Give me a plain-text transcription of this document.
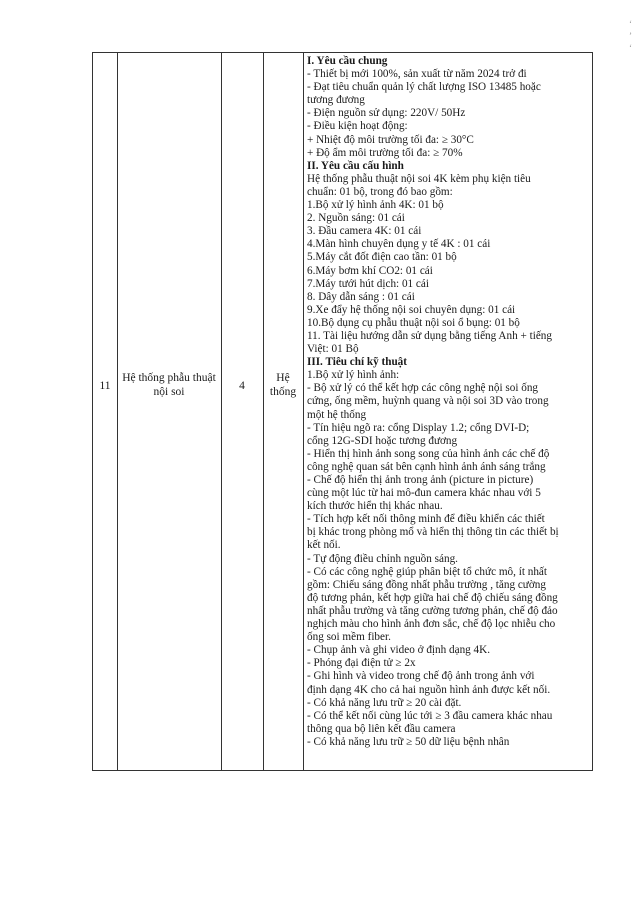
ʻ
ʼ
ʻ
11
Hệ thống phẫu thuật nội soi	4
Hệ thống
I. Yêu cầu chung
- Thiết bị mới 100%, sản xuất từ năm 2024 trở đi
- Đạt tiêu chuẩn quản lý chất lượng ISO 13485 hoặc
tương đương
- Điện nguồn sử dụng: 220V/ 50Hz
- Điều kiện hoạt động:
+ Nhiệt độ môi trường tối đa: ≥ 30°C
+ Độ ẩm môi trường tối đa: ≥ 70%
II. Yêu cầu cấu hình
Hệ thống phẫu thuật nội soi 4K kèm phụ kiện tiêu
chuẩn: 01 bộ, trong đó bao gồm:
1.Bộ xử lý hình ảnh 4K: 01 bộ
2. Nguồn sáng: 01 cái
3. Đầu camera 4K: 01 cái
4.Màn hình chuyên dụng y tế 4K : 01 cái
5.Máy cắt đốt điện cao tần: 01 bộ
6.Máy bơm khí CO2: 01 cái
7.Máy tưới hút dịch: 01 cái
8. Dây dẫn sáng : 01 cái
9.Xe đẩy hệ thống nội soi chuyên dụng: 01 cái
10.Bộ dụng cụ phẫu thuật nội soi ổ bụng: 01 bộ
11. Tài liệu hướng dẫn sử dụng bằng tiếng Anh + tiếng
Việt: 01 Bộ
III. Tiêu chí kỹ thuật
1.Bộ xử lý hình ảnh:
- Bộ xử lý có thể kết hợp các công nghệ nội soi ống
cứng, ống mềm, huỳnh quang và nội soi 3D vào trong
một hệ thống
- Tín hiệu ngõ ra: cổng Display 1.2; cổng DVI-D;
cổng 12G-SDI hoặc tương đương
- Hiển thị hình ảnh song song của hình ảnh các chế độ
công nghệ quan sát bên cạnh hình ảnh ánh sáng trắng
- Chế độ hiển thị ảnh trong ảnh (picture in picture)
cùng một lúc từ hai mô-đun camera khác nhau với 5
kích thước hiển thị khác nhau.
- Tích hợp kết nối thông minh để điều khiển các thiết
bị khác trong phòng mổ và hiển thị thông tin các thiết bị
kết nối.
- Tự động điều chỉnh nguồn sáng.
- Có các công nghệ giúp phân biệt tổ chức mô, ít nhất
gồm: Chiếu sáng đồng nhất phẫu trường , tăng cường
độ tương phản, kết hợp giữa hai chế độ chiếu sáng đồng
nhất phẫu trường và tăng cường tương phản, chế độ đảo
nghịch màu cho hình ảnh đơn sắc, chế độ lọc nhiễu cho
ống soi mềm fiber.
- Chụp ảnh và ghi video ở định dạng 4K.
- Phóng đại điện tử ≥ 2x
- Ghi hình và video trong chế độ ảnh trong ảnh với
định dạng 4K cho cả hai nguồn hình ảnh được kết nối.
- Có khả năng lưu trữ ≥ 20 cài đặt.
- Có thể kết nối cùng lúc tới ≥ 3 đầu camera khác nhau
thông qua bộ liên kết đầu camera
- Có khả năng lưu trữ ≥ 50 dữ liệu bệnh nhân
